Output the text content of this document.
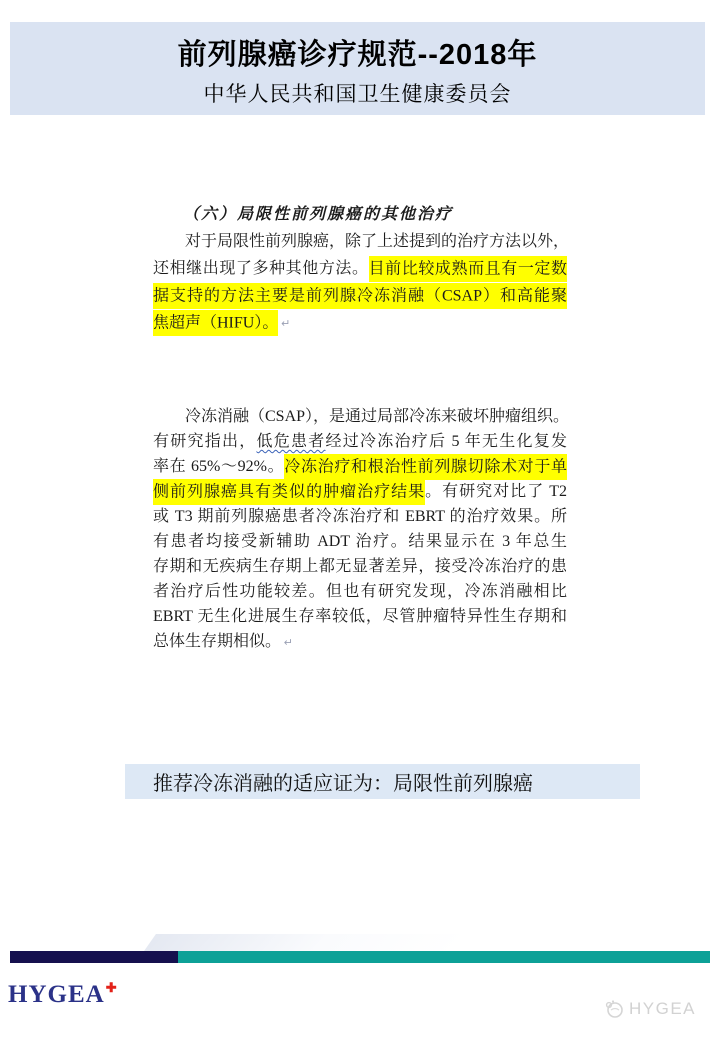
前列腺癌诊疗规范--2018年
中华人民共和国卫生健康委员会
（六）局限性前列腺癌的其他治疗
对于局限性前列腺癌，除了上述提到的治疗方法以外，
还相继出现了多种其他方法。目前比较成熟而且有一定数
据支持的方法主要是前列腺冷冻消融（CSAP）和高能聚
焦超声（HIFU）。 ↵
冷冻消融（CSAP），是通过局部冷冻来破坏肿瘤组织。
有研究指出，低危患者经过冷冻治疗后 5 年无生化复发
率在 65%～92%。冷冻治疗和根治性前列腺切除术对于单
侧前列腺癌具有类似的肿瘤治疗结果。有研究对比了 T2
或 T3 期前列腺癌患者冷冻治疗和 EBRT 的治疗效果。所
有患者均接受新辅助 ADT 治疗。结果显示在 3 年总生
存期和无疾病生存期上都无显著差异，接受冷冻治疗的患
者治疗后性功能较差。但也有研究发现，冷冻消融相比
EBRT 无生化进展生存率较低，尽管肿瘤特异性生存期和
总体生存期相似。 ↵
推荐冷冻消融的适应证为：局限性前列腺癌
HYGEA✚
HYGEA
